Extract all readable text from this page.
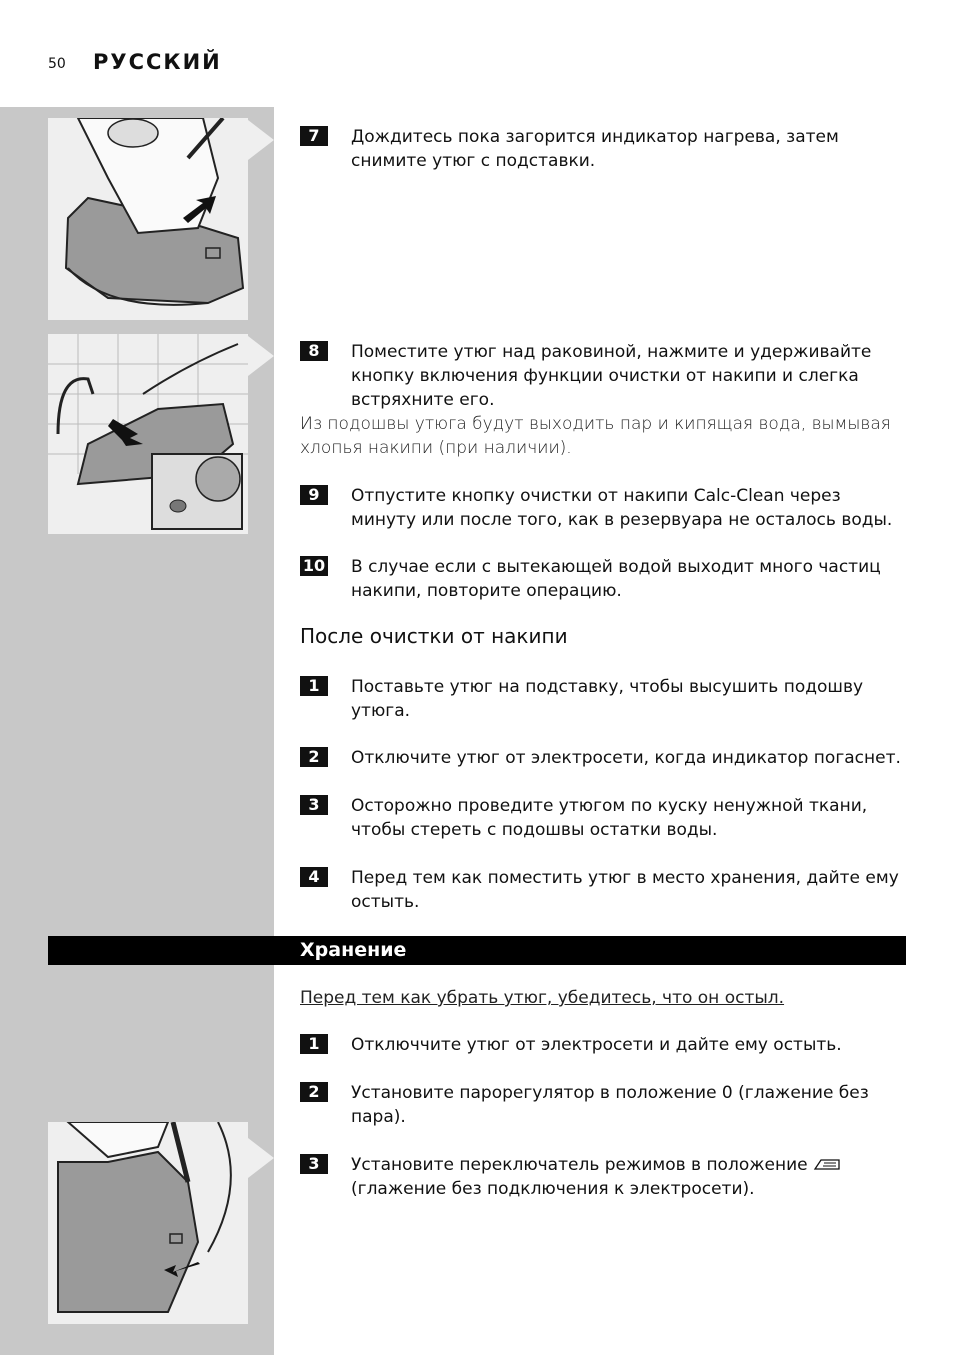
50 РУССКИЙ
7	Дождитесь пока загорится индикатор нагрева, затем снимите утюг с подставки.
8	Поместите утюг над раковиной, нажмите и удерживайте кнопку включения функции очистки от накипи и слегка встряхните его.
Из подошвы утюга будут выходить пар и кипящая вода, вымывая хлопья накипи (при наличии).
9	Отпустите кнопку очистки от накипи Calc-Clean через минуту или после того, как в резервуара не осталось воды.
10 В случае если с вытекающей водой выходит много частиц накипи, повторите операцию.
После очистки от накипи
1	Поставьте утюг на подставку, чтобы высушить подошву утюга.
2	Отключите утюг от электросети, когда индикатор погаснет.
3	Осторожно проведите утюгом по куску ненужной ткани, чтобы стереть с подошвы остатки воды.
4	Перед тем как поместить утюг в место хранения, дайте ему остыть.
Хранение
Перед тем как убрать утюг, убедитесь, что он остыл.
1	Отключчите утюг от электросети и дайте ему остыть.
2	Установите парорегулятор в положение 0 (глажение без пара).
3	Установите переключатель режимов в положение
(глажение без подключения к электросети).
